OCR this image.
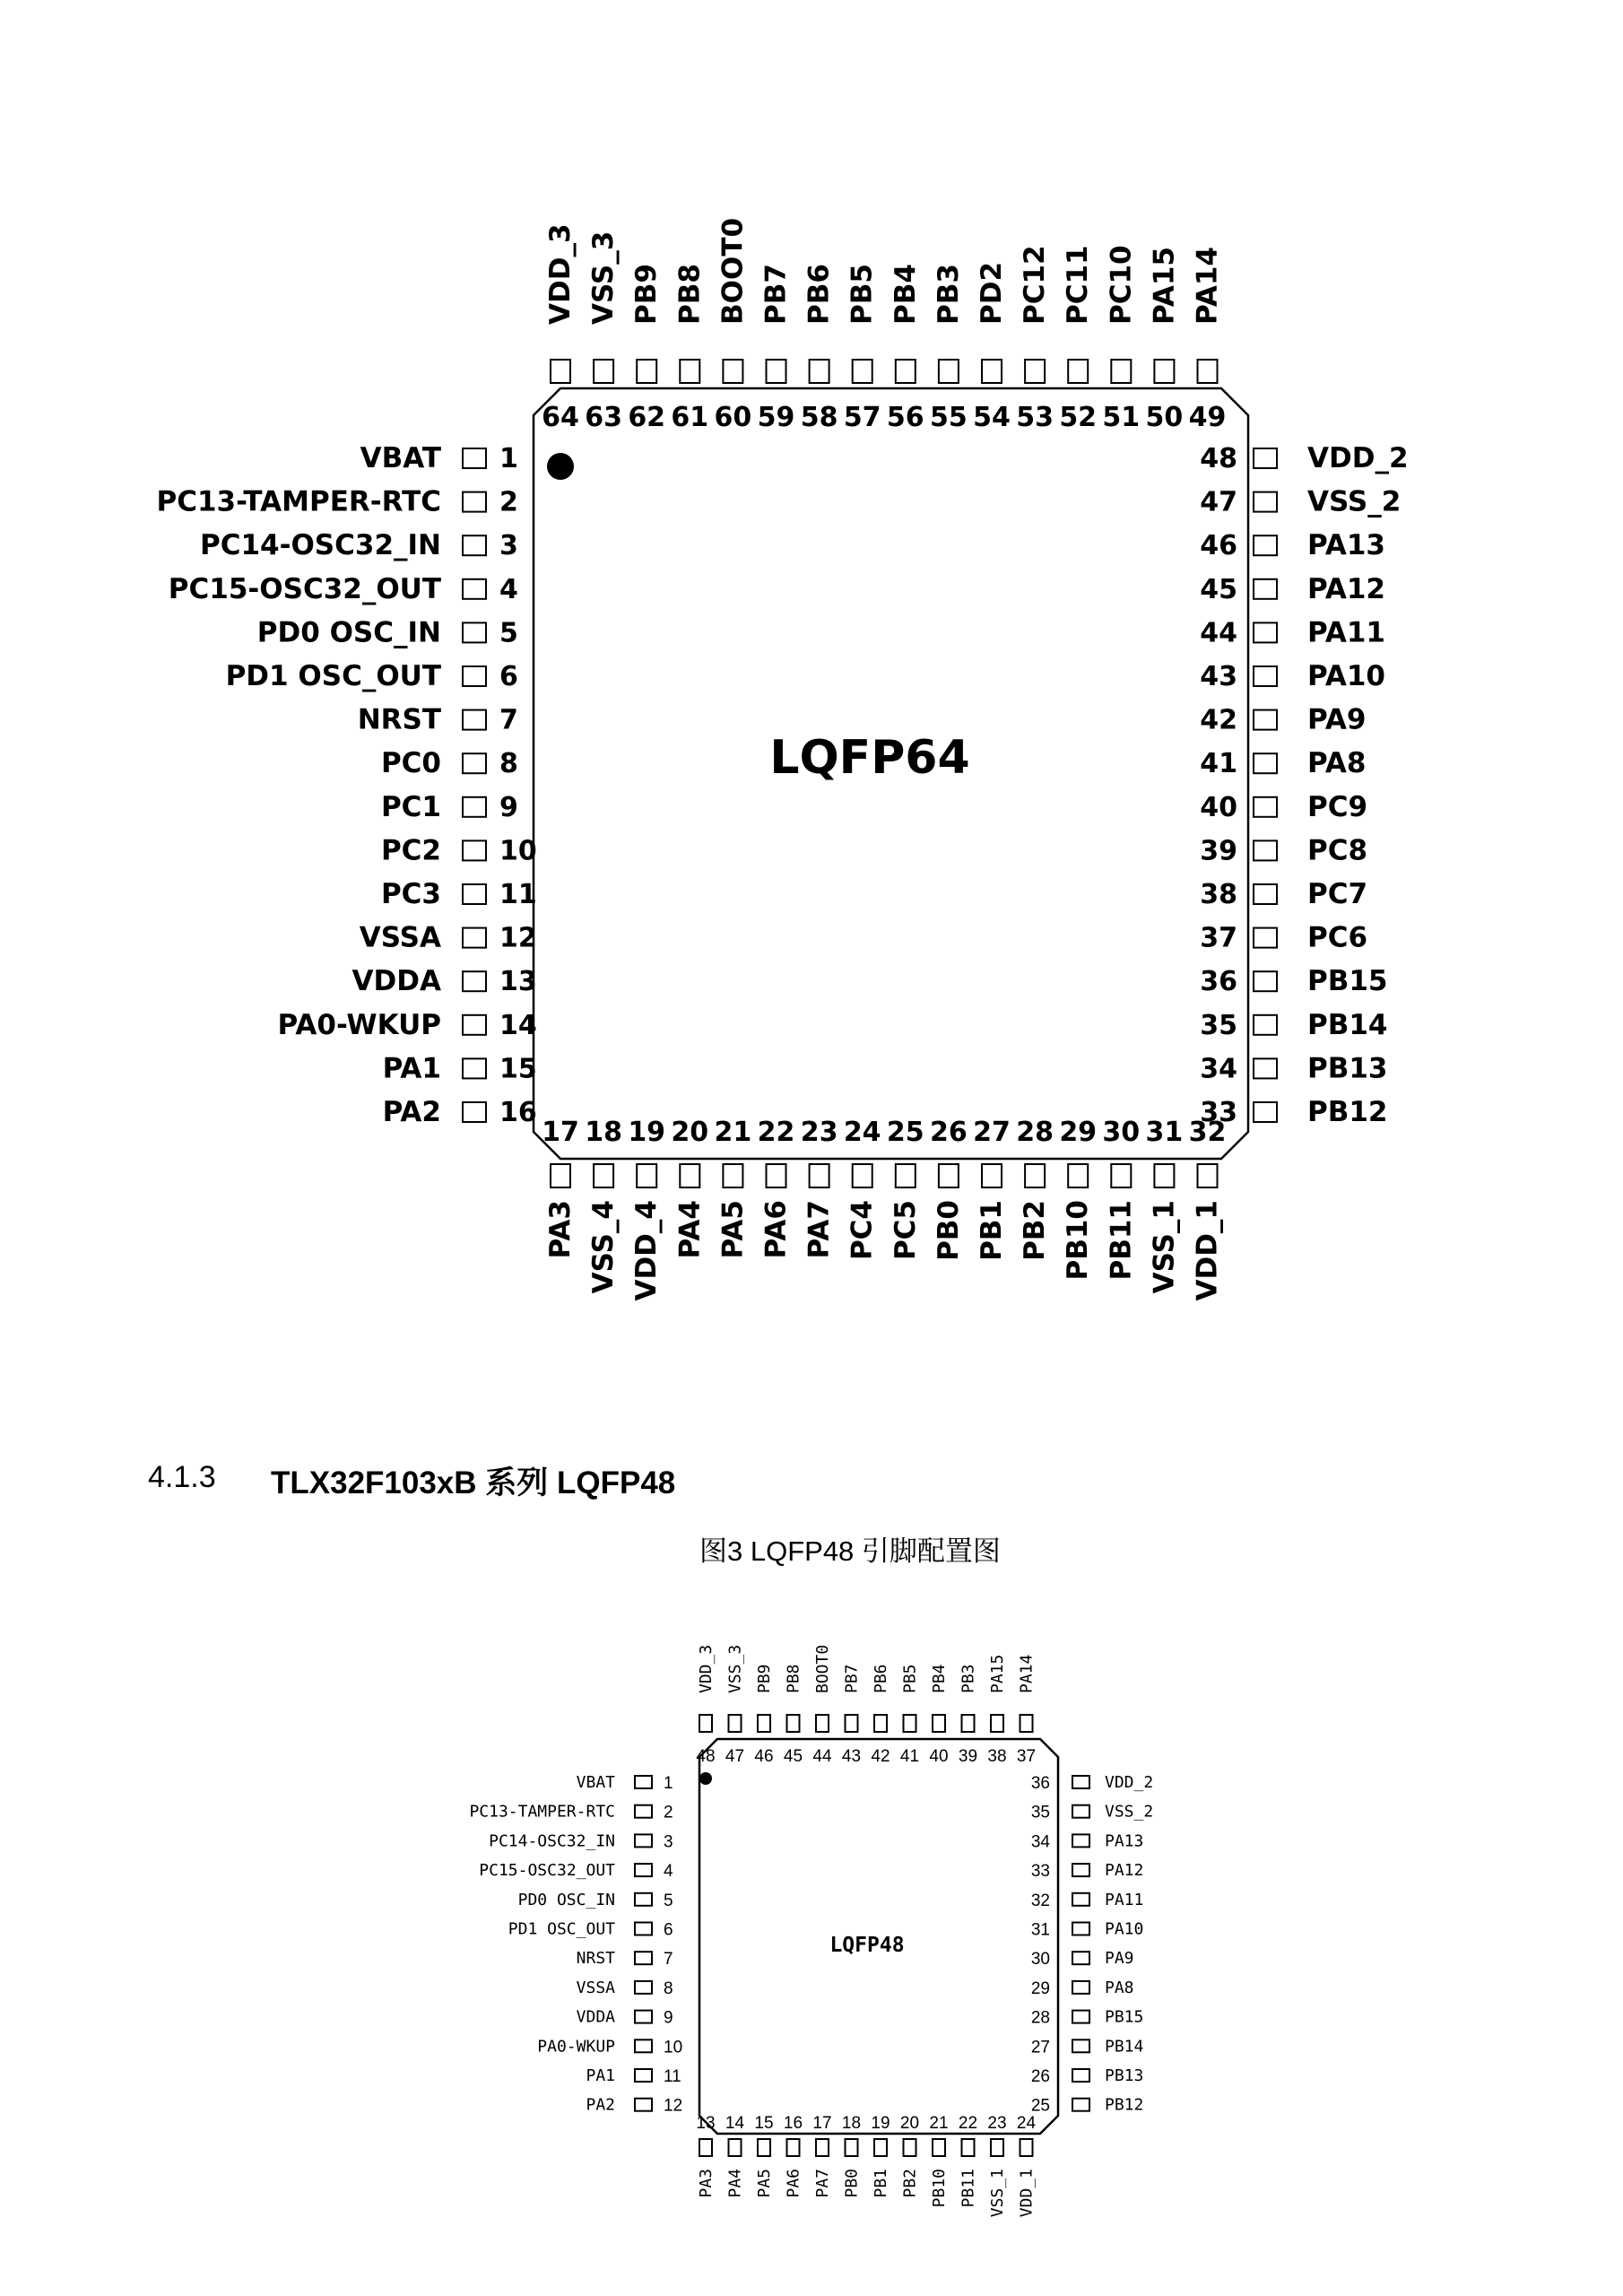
LQFP64
1
VBAT
2
PC13-TAMPER-RTC
3
PC14-OSC32_IN
4
PC15-OSC32_OUT
5
PD0 OSC_IN
6
PD1 OSC_OUT
7
NRST
8
PC0
9
PC1
10
PC2
11
PC3
12
VSSA
13
VDDA
14
PA0-WKUP
15
PA1
16
PA2
48	VDD_2
47	VSS_2
46	PA13
45	PA12
44	PA11
43	PA10
42	PA9
41	PA8
40	PC9
39	PC8
38	PC7
37	PC6
36	PB15
35	PB14
34	PB13
33	PB12
64
VDD_3
63
VSS_3
62
PB9
61
PB8
60
BOOT0
59
PB7
58
PB6
57
PB5
56
PB4
55
PB3
54
PD2
53
PC12
52
PC11
51
PC10
50
PA15
49
PA14
17
PA3
18
VSS_4
19
VDD_4
20
PA4
21
PA5
22
PA6
23
PA7
24
PC4
25
PC5
26
PB0
27
PB1
28
PB2
29
PB10
30
PB11
31
VSS_1
32
VDD_1
4.1.3 TLX32F103xB 系列 LQFP48
图3 LQFP48 引脚配置图
LQFP48
1
VBAT
2
PC13-TAMPER-RTC
3
PC14-OSC32_IN
4
PC15-OSC32_OUT
5
PD0 OSC_IN
6
PD1 OSC_OUT
7
NRST
8
VSSA
9
VDDA
10
PA0-WKUP
11
PA1
12
PA2
36	VDD_2
35	VSS_2
34	PA13
33	PA12
32	PA11
31	PA10
30	PA9
29	PA8
28	PB15
27	PB14
26	PB13
25	PB12
48
VDD_3
47
VSS_3
46
PB9
45
PB8
44
BOOT0
43
PB7
42
PB6
41
PB5
40
PB4
39
PB3
38
PA15
37
PA14
13
PA3
14
PA4
15
PA5
16
PA6
17
PA7
18
PB0
19
PB1
20
PB2
21
PB10
22
PB11
23
VSS_1
24
VDD_1
